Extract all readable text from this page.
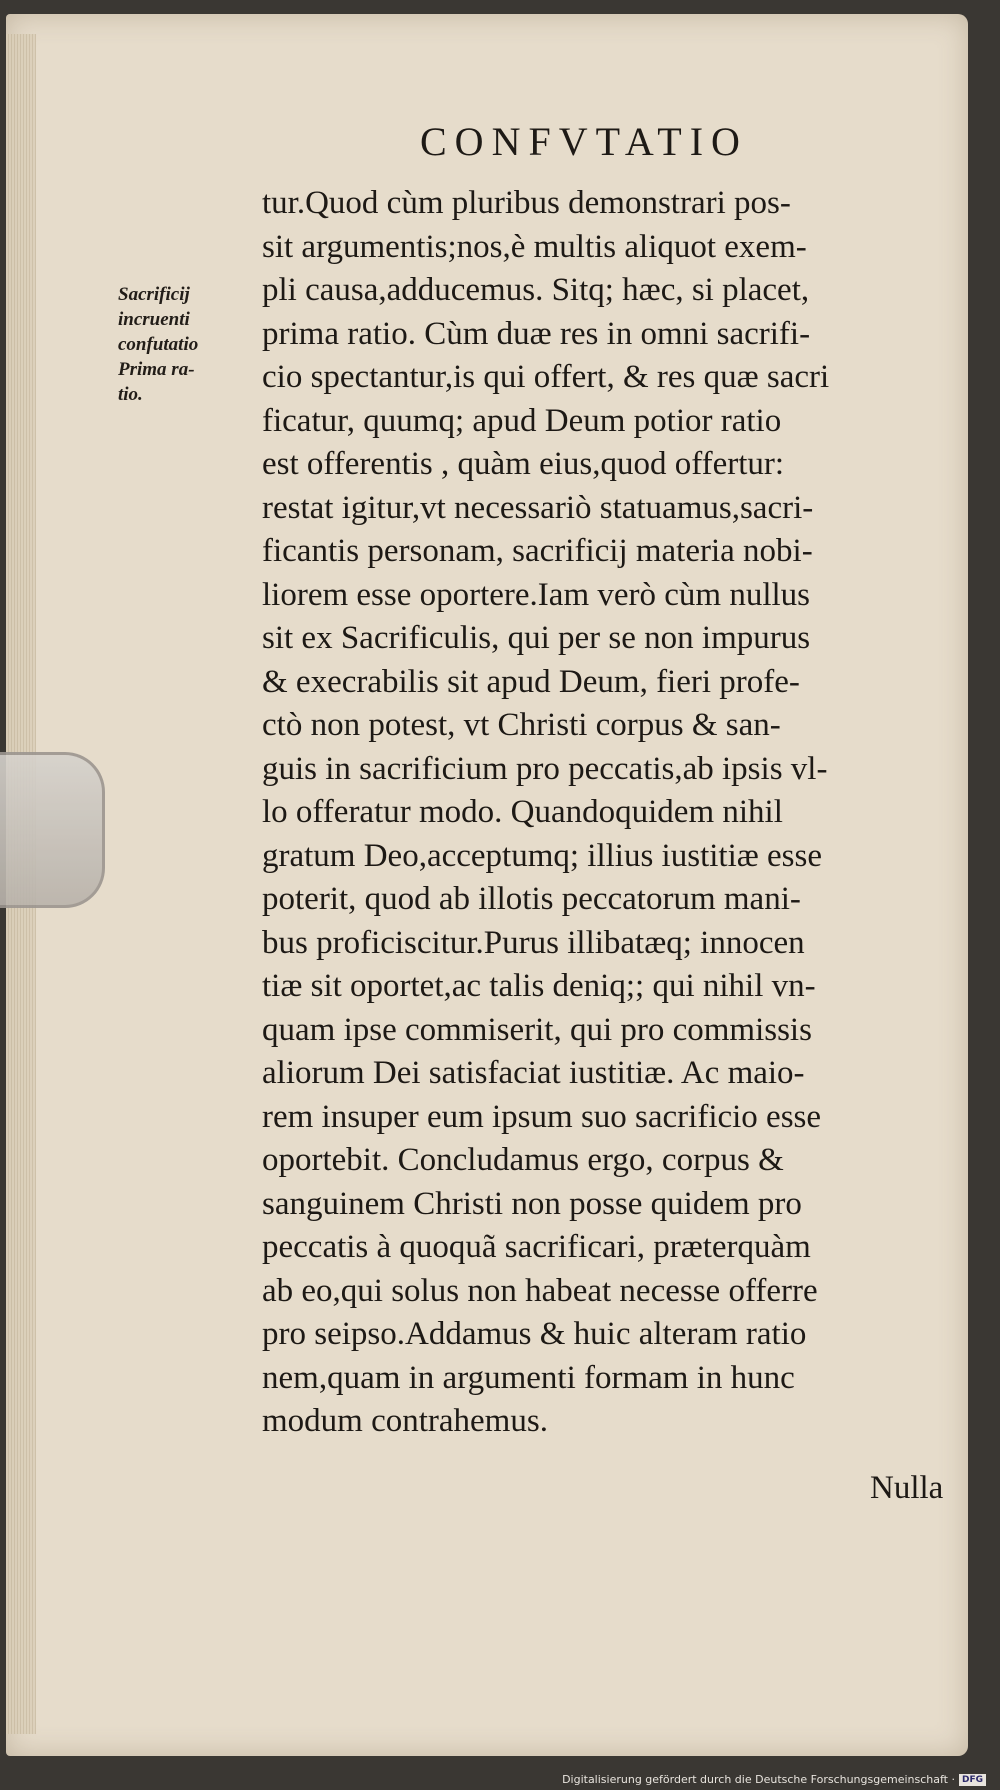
CONFVTATIO
Sacrificij
incruenti
confutatio
Prima ra-
tio.
tur.Quod cùm pluribus demonstrari pos-
sit argumentis;nos,è multis aliquot exem-
pli causa,adducemus. Sitq; hæc, si placet,
prima ratio. Cùm duæ res in omni sacrifi-
cio spectantur,is qui offert, & res quæ sacri
ficatur, quumq; apud Deum potior ratio
est offerentis , quàm eius,quod offertur:
restat igitur,vt necessariò statuamus,sacri-
ficantis personam, sacrificij materia nobi-
liorem esse oportere.Iam verò cùm nullus
sit ex Sacrificulis, qui per se non impurus
& execrabilis sit apud Deum, fieri profe-
ctò non potest, vt Christi corpus & san-
guis in sacrificium pro peccatis,ab ipsis vl-
lo offeratur modo. Quandoquidem nihil
gratum Deo,acceptumq; illius iustitiæ esse
poterit, quod ab illotis peccatorum mani-
bus proficiscitur.Purus illibatæq; innocen
tiæ sit oportet,ac talis deniq;; qui nihil vn-
quam ipse commiserit, qui pro commissis
aliorum Dei satisfaciat iustitiæ. Ac maio-
rem insuper eum ipsum suo sacrificio esse
oportebit. Concludamus ergo, corpus &
sanguinem Christi non posse quidem pro
peccatis à quoquã sacrificari, præterquàm
ab eo,qui solus non habeat necesse offerre
pro seipso.Addamus & huic alteram ratio
nem,quam in argumenti formam in hunc
modum contrahemus.
Nulla
Digitalisierung gefördert durch die Deutsche Forschungsgemeinschaft · DFG
